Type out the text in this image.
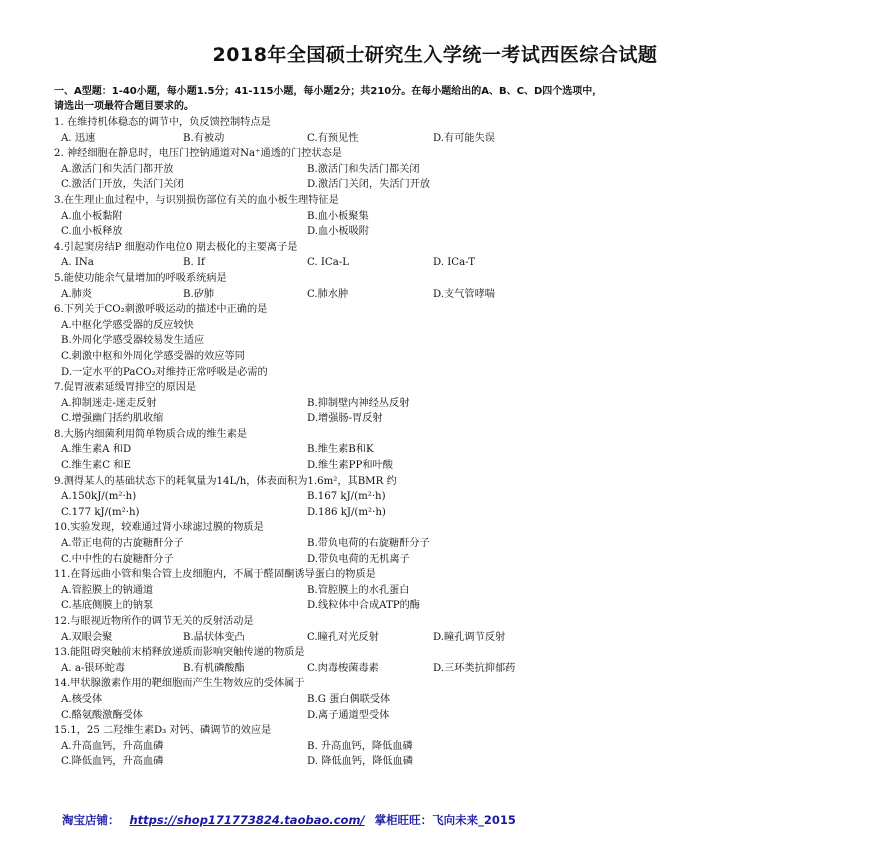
2018年全国硕士研究生入学统一考试西医综合试题
一、A型题：1-40小题，每小题1.5分；41-115小题，每小题2分；共210分。在每小题给出的A、B、C、D四个选项中，
请选出一项最符合题目要求的。
1. 在维持机体稳态的调节中，负反馈控制特点是
A. 迅速	B.有被动	C.有预见性	D.有可能失误
2. 神经细胞在静息时，电压门控钠通道对Na⁺通透的门控状态是
A.激活门和失活门都开放	B.激活门和失活门都关闭
C.激活门开放，失活门关闭	D.激活门关闭，失活门开放
3.在生理止血过程中，与识别损伤部位有关的血小板生理特征是
A.血小板黏附	B.血小板聚集
C.血小板释放	D.血小板吸附
4.引起窦房结P 细胞动作电位0 期去极化的主要离子是
A. INa	B. If	C. ICa-L	D. ICa-T
5.能使功能余气量增加的呼吸系统病是
A.肺炎	B.矽肺	C.肺水肿	D.支气管哮喘
6.下列关于CO₂刺激呼吸运动的描述中正确的是
A.中枢化学感受器的反应较快
B.外周化学感受器较易发生适应
C.刺激中枢和外周化学感受器的效应等同
D.一定水平的PaCO₂对维持正常呼吸是必需的
7.促胃液素延缓胃排空的原因是
A.抑制迷走-迷走反射	B.抑制壁内神经丛反射
C.增强幽门括约肌收缩	D.增强肠-胃反射
8.大肠内细菌利用简单物质合成的维生素是
A.维生素A 和D	B.维生素B和K
C.维生素C 和E	D.维生素PP和叶酸
9.测得某人的基础状态下的耗氧量为14L/h，体表面积为1.6m²，其BMR 约
A.150kJ/(m²·h)	B.167 kJ/(m²·h)
C.177 kJ/(m²·h)	D.186 kJ/(m²·h)
10.实验发现，较难通过肾小球滤过膜的物质是
A.带正电荷的古旋糖酐分子	B.带负电荷的右旋糖酐分子
C.中中性的右旋糖酐分子	D.带负电荷的无机离子
11.在肾远曲小管和集合管上皮细胞内，不属于醛固酮诱导蛋白的物质是
A.管腔膜上的钠通道	B.管腔膜上的水孔蛋白
C.基底侧膜上的钠泵	D.线粒体中合成ATP的酶
12.与眼视近物所作的调节无关的反射活动是
A.双眼会聚	B.晶状体变凸	C.瞳孔对光反射	D.瞳孔调节反射
13.能阻碍突触前末梢释放递质而影响突触传递的物质是
A. a-银环蛇毒	B.有机磷酸酯	C.肉毒梭菌毒素	D.三环类抗抑郁药
14.甲状腺激素作用的靶细胞而产生生物效应的受体属于
A.核受体	B.G 蛋白偶联受体
C.酪氨酸激酶受体	D.离子通道型受体
15.1，25 二羟维生素D₃ 对钙、磷调节的效应是
A.升高血钙，升高血磷	B. 升高血钙，降低血磷
C.降低血钙，升高血磷	D. 降低血钙，降低血磷
淘宝店铺： https://shop171773824.taobao.com/ 掌柜旺旺：飞向未来_2015
